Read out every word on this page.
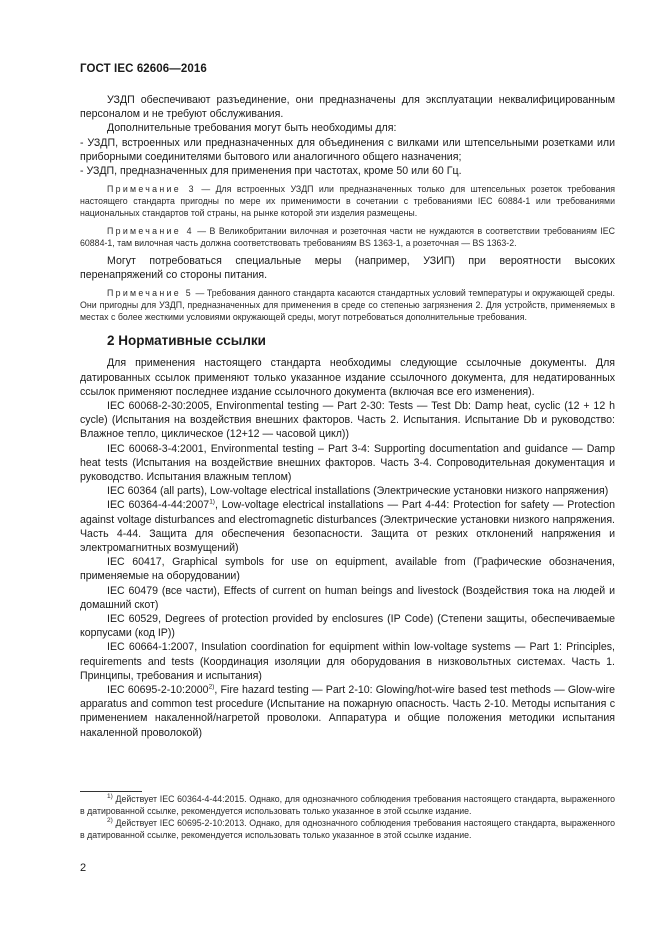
ГОСТ IEC 62606—2016

УЗДП обеспечивают разъединение, они предназначены для эксплуатации неквалифицированным персоналом и не требуют обслуживания.

Дополнительные требования могут быть необходимы для:

- УЗДП, встроенных или предназначенных для объединения с вилками или штепсельными розетками или приборными соединителями бытового или аналогичного общего назначения;

- УЗДП, предназначенных для применения при частотах, кроме 50 или 60 Гц.

Примечание 3 — Для встроенных УЗДП или предназначенных только для штепсельных розеток требования настоящего стандарта пригодны по мере их применимости в сочетании с требованиями IEC 60884-1 или требованиями национальных стандартов той страны, на рынке которой эти изделия размещены.

Примечание 4 — В Великобритании вилочная и розеточная части не нуждаются в соответствии требованиям IEC 60884-1, там вилочная часть должна соответствовать требованиям BS 1363-1, а розеточная — BS 1363-2.

Могут потребоваться специальные меры (например, УЗИП) при вероятности высоких перенапряжений со стороны питания.

Примечание 5 — Требования данного стандарта касаются стандартных условий температуры и окружающей среды. Они пригодны для УЗДП, предназначенных для применения в среде со степенью загрязнения 2. Для устройств, применяемых в местах с более жесткими условиями окружающей среды, могут потребоваться дополнительные требования.

2 Нормативные ссылки

Для применения настоящего стандарта необходимы следующие ссылочные документы. Для датированных ссылок применяют только указанное издание ссылочного документа, для недатированных ссылок применяют последнее издание ссылочного документа (включая все его изменения).

IEC 60068-2-30:2005, Environmental testing — Part 2-30: Tests — Test Db: Damp heat, cyclic (12 + 12 h cycle) (Испытания на воздействия внешних факторов. Часть 2. Испытания. Испытание Db и руководство: Влажное тепло, циклическое (12+12 — часовой цикл))

IEC 60068-3-4:2001, Environmental testing – Part 3-4: Supporting documentation and guidance — Damp heat tests (Испытания на воздействие внешних факторов. Часть 3-4. Сопроводительная документация и руководство. Испытания влажным теплом)

IEC 60364 (all parts), Low-voltage electrical installations (Электрические установки низкого напряжения)

IEC 60364-4-44:2007$^{1)}$, Low-voltage electrical installations — Part 4-44: Protection for safety — Protection against voltage disturbances and electromagnetic disturbances (Электрические установки низкого напряжения. Часть 4-44. Защита для обеспечения безопасности. Защита от резких отклонений напряжения и электромагнитных возмущений)

IEC 60417, Graphical symbols for use on equipment, available from (Графические обозначения, применяемые на оборудовании)

IEC 60479 (все части), Effects of current on human beings and livestock (Воздействия тока на людей и домашний скот)

IEC 60529, Degrees of protection provided by enclosures (IP Code) (Степени защиты, обеспечиваемые корпусами (код IP))

IEC 60664-1:2007, Insulation coordination for equipment within low-voltage systems — Part 1: Principles, requirements and tests (Координация изоляции для оборудования в низковольтных системах. Часть 1. Принципы, требования и испытания)

IEC 60695-2-10:2000$^{2)}$, Fire hazard testing — Part 2-10: Glowing/hot-wire based test methods — Glow-wire apparatus and common test procedure (Испытание на пожарную опасность. Часть 2-10. Методы испытания с применением накаленной/нагретой проволоки. Аппаратура и общие положения методики испытания накаленной проволокой)

$^{1)}$ Действует IEC 60364-4-44:2015. Однако, для однозначного соблюдения требования настоящего стандарта, выраженного в датированной ссылке, рекомендуется использовать только указанное в этой ссылке издание.

$^{2)}$ Действует IEC 60695-2-10:2013. Однако, для однозначного соблюдения требования настоящего стандарта, выраженного в датированной ссылке, рекомендуется использовать только указанное в этой ссылке издание.

2
